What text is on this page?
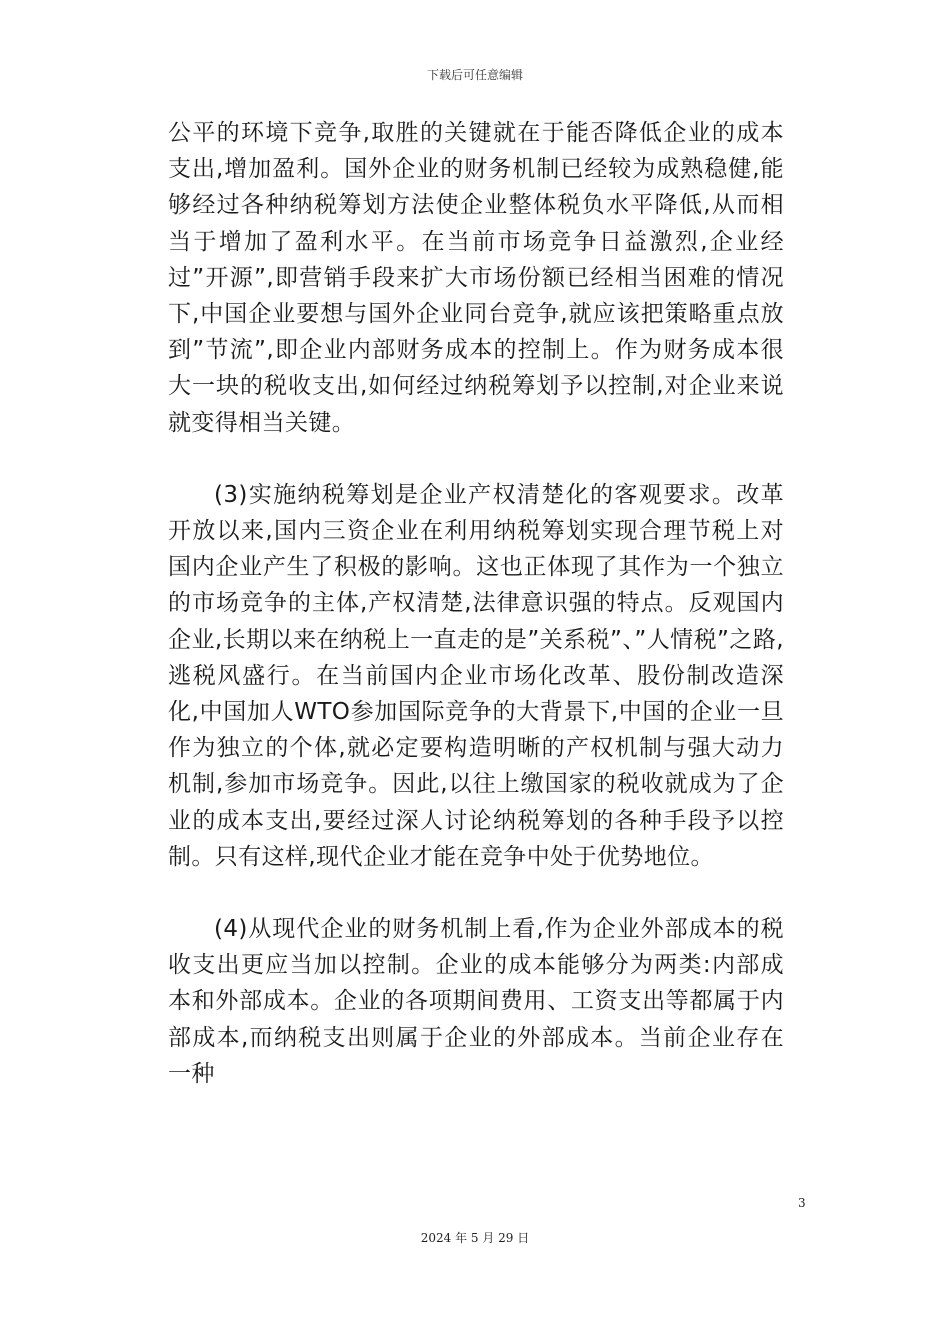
下载后可任意编辑

公平的环境下竞争,取胜的关键就在于能否降低企业的成本支出,增加盈利。国外企业的财务机制已经较为成熟稳健,能够经过各种纳税筹划方法使企业整体税负水平降低,从而相当于增加了盈利水平。在当前市场竞争日益激烈,企业经过”开源”,即营销手段来扩大市场份额已经相当困难的情况下,中国企业要想与国外企业同台竞争,就应该把策略重点放到”节流”,即企业内部财务成本的控制上。作为财务成本很大一块的税收支出,如何经过纳税筹划予以控制,对企业来说就变得相当关键。

(3)实施纳税筹划是企业产权清楚化的客观要求。改革开放以来,国内三资企业在利用纳税筹划实现合理节税上对国内企业产生了积极的影响。这也正体现了其作为一个独立的市场竞争的主体,产权清楚,法律意识强的特点。反观国内企业,长期以来在纳税上一直走的是”关系税”、”人情税”之路,逃税风盛行。在当前国内企业市场化改革、股份制改造深化,中国加人WTO参加国际竞争的大背景下,中国的企业一旦作为独立的个体,就必定要构造明晰的产权机制与强大动力机制,参加市场竞争。因此,以往上缴国家的税收就成为了企业的成本支出,要经过深人讨论纳税筹划的各种手段予以控制。只有这样,现代企业才能在竞争中处于优势地位。

(4)从现代企业的财务机制上看,作为企业外部成本的税收支出更应当加以控制。企业的成本能够分为两类:内部成本和外部成本。企业的各项期间费用、工资支出等都属于内部成本,而纳税支出则属于企业的外部成本。当前企业存在一种

3
2024 年 5 月 29 日
